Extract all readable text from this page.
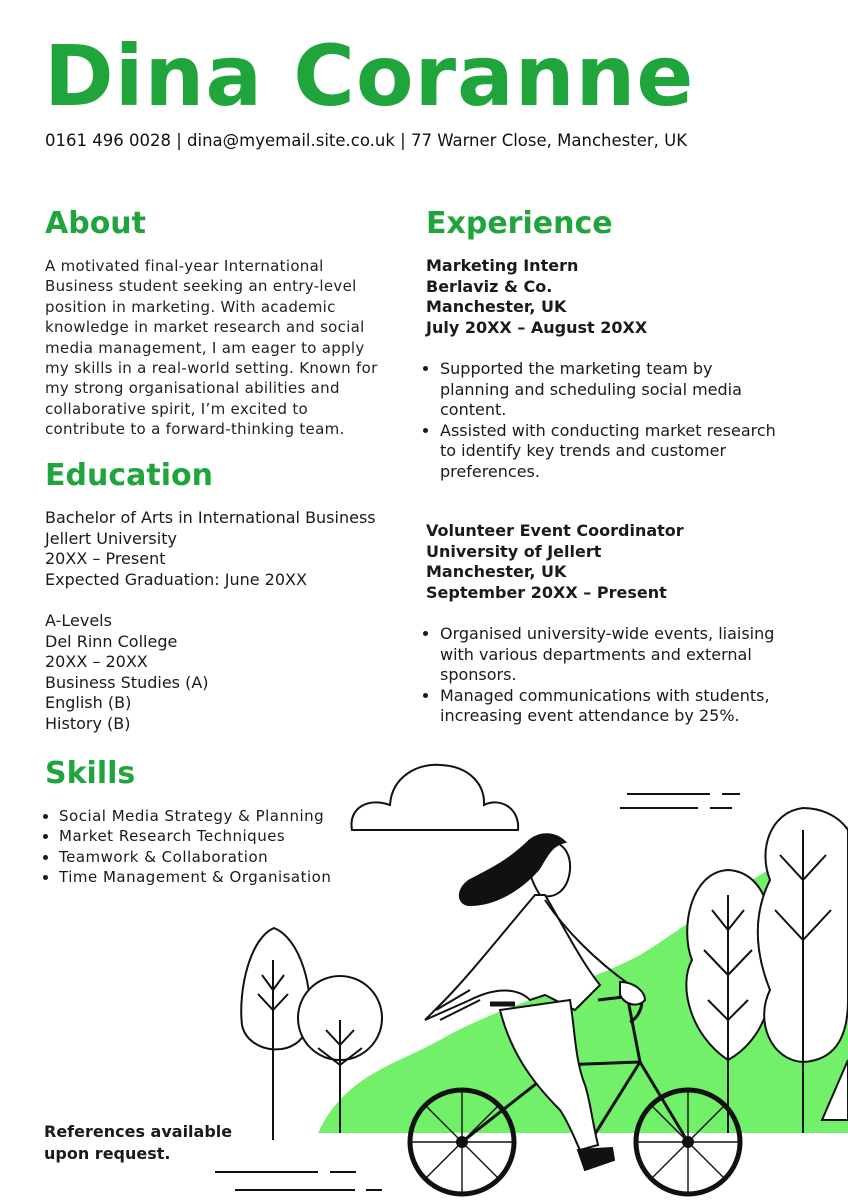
Dina Coranne
0161 496 0028 | dina@myemail.site.co.uk | 77 Warner Close, Manchester, UK
About
A motivated final-year International Business student seeking an entry-level position in marketing. With academic knowledge in market research and social media management, I am eager to apply my skills in a real-world setting. Known for my strong organisational abilities and collaborative spirit, I’m excited to contribute to a forward-thinking team.
Education
Bachelor of Arts in International Business
Jellert University
20XX – Present
Expected Graduation: June 20XX
A-Levels
Del Rinn College
20XX – 20XX
Business Studies (A)
English (B)
History (B)
Skills
• Social Media Strategy & Planning
• Market Research Techniques
• Teamwork & Collaboration
• Time Management & Organisation
Experience
Marketing Intern
Berlaviz & Co.
Manchester, UK
July 20XX – August 20XX
• Supported the marketing team by planning and scheduling social media content.
• Assisted with conducting market research to identify key trends and customer preferences.
Volunteer Event Coordinator
University of Jellert
Manchester, UK
September 20XX – Present
• Organised university-wide events, liaising with various departments and external sponsors.
• Managed communications with students, increasing event attendance by 25%.
References available upon request.
